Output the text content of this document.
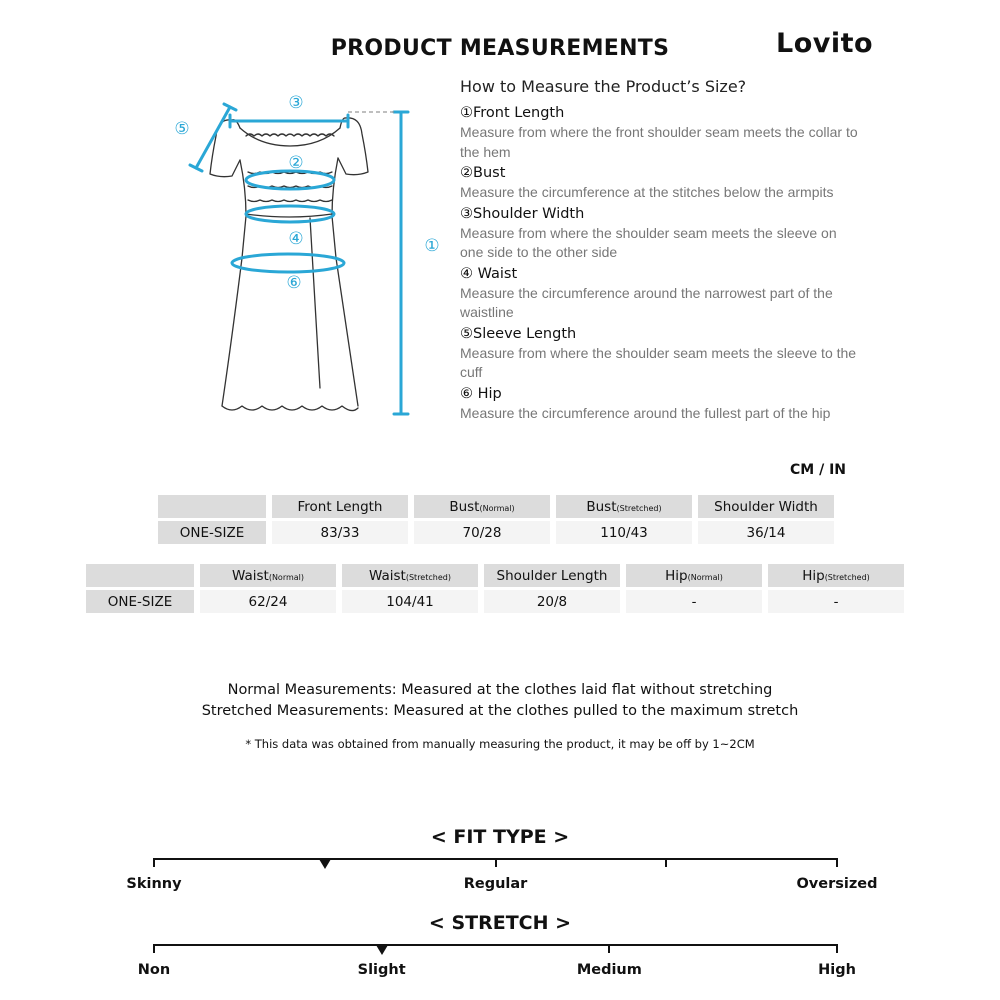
PRODUCT MEASUREMENTS	Lovito
③
⑤
②
④
⑥
①
How to Measure the Product’s Size?
①Front Length
Measure from where the front shoulder seam meets the collar to the hem
②Bust
Measure the circumference at the stitches below the armpits
③Shoulder Width
Measure from where the shoulder seam meets the sleeve on one side to the other side
④ Waist
Measure the circumference around the narrowest part of the waistline
⑤Sleeve Length
Measure from where the shoulder seam meets the sleeve to the cuff
⑥ Hip
Measure the circumference around the fullest part of the hip
CM / IN
	Front Length	Bust(Normal)	Bust(Stretched)	Shoulder Width
ONE-SIZE	83/33	70/28	110/43	36/14
	Waist(Normal)	Waist(Stretched)	Shoulder Length	Hip(Normal)	Hip(Stretched)
ONE-SIZE	62/24	104/41	20/8	-	-
Normal Measurements: Measured at the clothes laid flat without stretching
Stretched Measurements: Measured at the clothes pulled to the maximum stretch
* This data was obtained from manually measuring the product, it may be off by 1~2CM
< FIT TYPE >
Skinny	Regular	Oversized
< STRETCH >
Non	Slight	Medium	High
